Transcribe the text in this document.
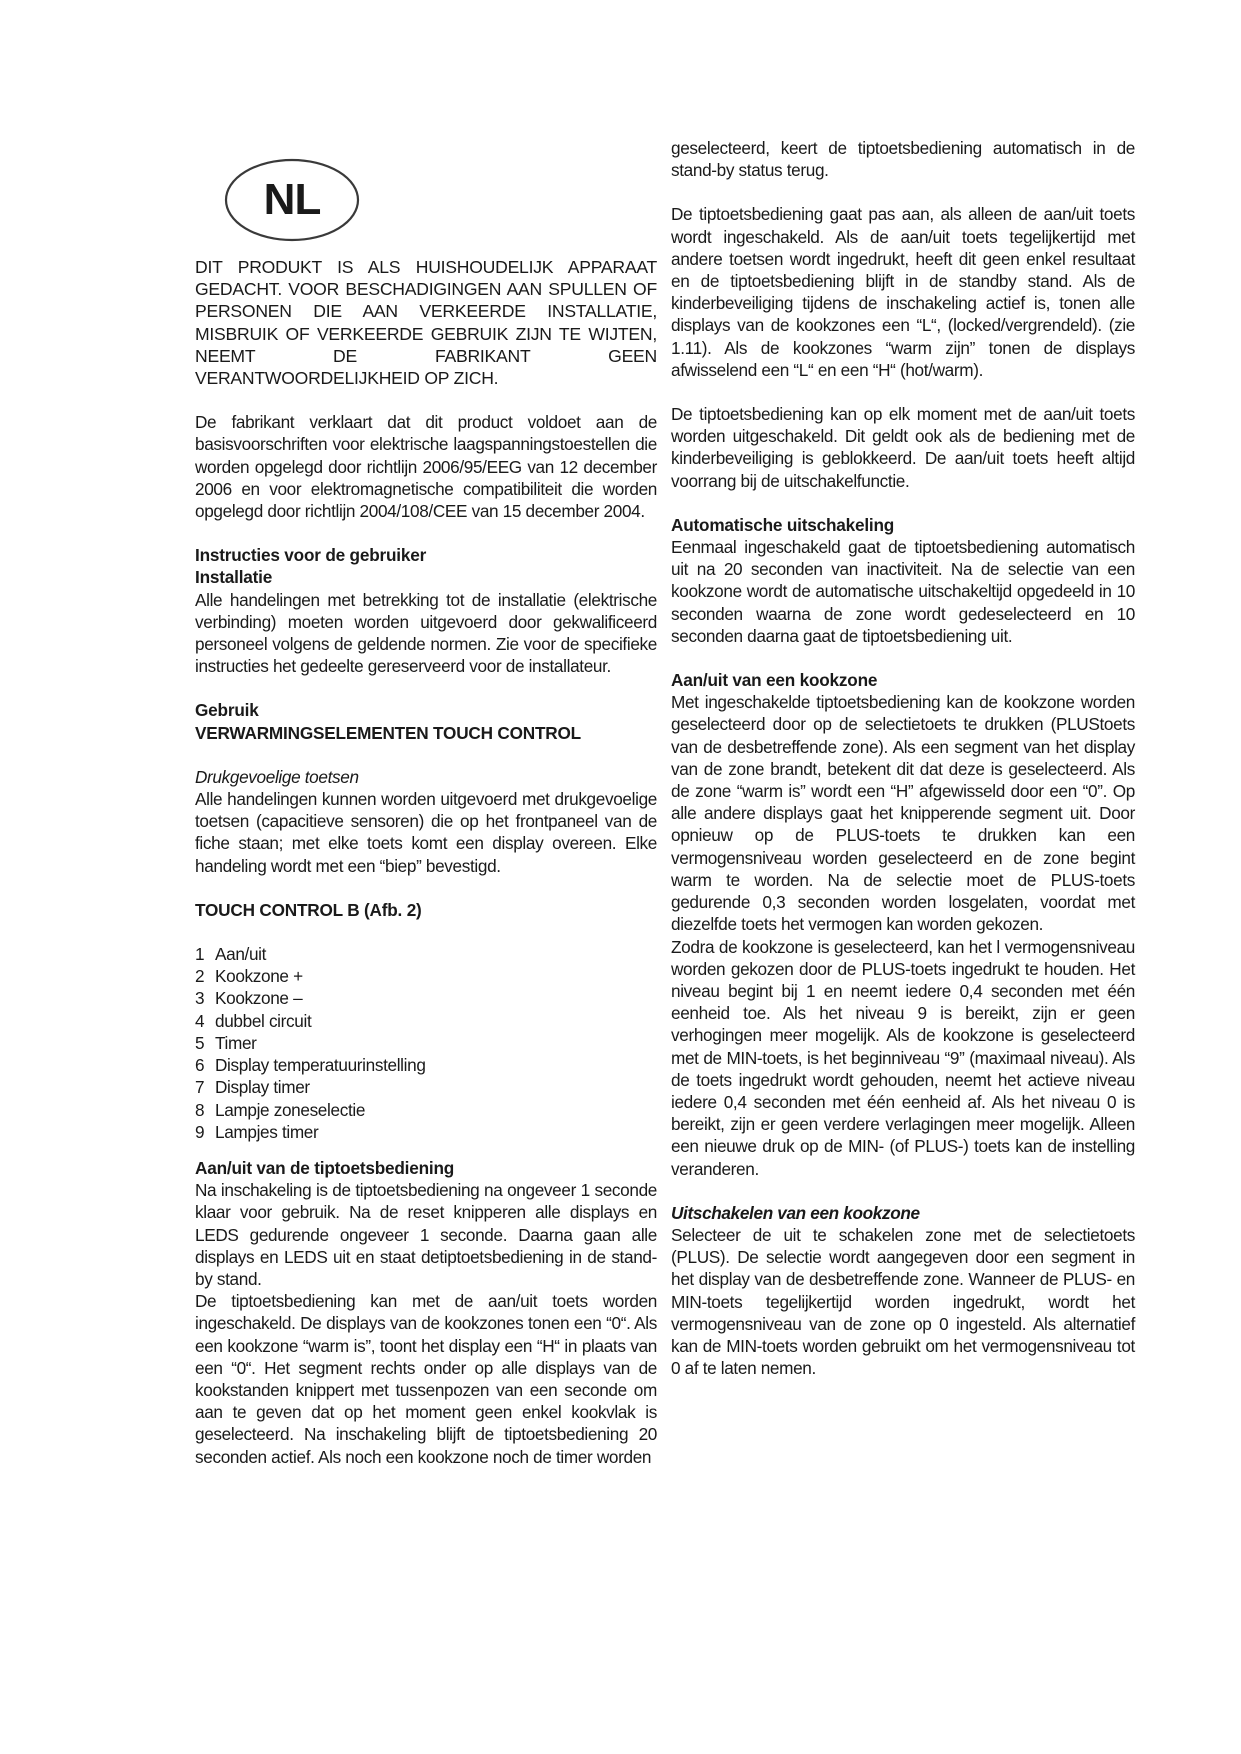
NL

DIT PRODUKT IS ALS HUISHOUDELIJK APPARAAT GEDACHT. VOOR BESCHADIGINGEN AAN SPULLEN OF PERSONEN DIE AAN VERKEERDE INSTALLATIE, MISBRUIK OF VERKEERDE GEBRUIK ZIJN TE WIJTEN, NEEMT DE FABRIKANT GEEN VERANTWOORDELIJKHEID OP ZICH.

De fabrikant verklaart dat dit product voldoet aan de basisvoorschriften voor elektrische laagspanningstoestellen die worden opgelegd door richtlijn 2006/95/EEG van 12 december 2006 en voor elektromagnetische compatibiliteit die worden opgelegd door richtlijn 2004/108/CEE van 15 december 2004.

Instructies voor de gebruiker

Installatie

Alle handelingen met betrekking tot de installatie (elektrische verbinding) moeten worden uitgevoerd door gekwalificeerd personeel volgens de geldende normen. Zie voor de specifieke instructies het gedeelte gereserveerd voor de installateur.

Gebruik

VERWARMINGSELEMENTEN TOUCH CONTROL

Drukgevoelige toetsen

Alle handelingen kunnen worden uitgevoerd met drukgevoelige toetsen (capacitieve sensoren) die op het frontpaneel van de fiche staan; met elke toets komt een display overeen. Elke handeling wordt met een “biep” bevestigd.

TOUCH CONTROL B (Afb. 2)

1 Aan/uit
2 Kookzone +
3 Kookzone –
4 dubbel circuit
5 Timer
6 Display temperatuurinstelling
7 Display timer
8 Lampje zoneselectie
9 Lampjes timer

Aan/uit van de tiptoetsbediening

Na inschakeling is de tiptoetsbediening na ongeveer 1 seconde klaar voor gebruik. Na de reset knipperen alle displays en LEDS gedurende ongeveer 1 seconde. Daarna gaan alle displays en LEDS uit en staat detiptoetsbediening in de stand-by stand.

De tiptoetsbediening kan met de aan/uit toets worden ingeschakeld. De displays van de kookzones tonen een “0“. Als een kookzone “warm is”, toont het display een “H“ in plaats van een “0“. Het segment rechts onder op alle displays van de kookstanden knippert met tussenpozen van een seconde om aan te geven dat op het moment geen enkel kookvlak is geselecteerd. Na inschakeling blijft de tiptoetsbediening 20 seconden actief. Als noch een kookzone noch de timer worden

geselecteerd, keert de tiptoetsbediening automatisch in de stand-by status terug.

De tiptoetsbediening gaat pas aan, als alleen de aan/uit toets wordt ingeschakeld. Als de aan/uit toets tegelijkertijd met andere toetsen wordt ingedrukt, heeft dit geen enkel resultaat en de tiptoetsbediening blijft in de standby stand. Als de kinderbeveiliging tijdens de inschakeling actief is, tonen alle displays van de kookzones een “L“, (locked/vergrendeld). (zie 1.11). Als de kookzones “warm zijn” tonen de displays afwisselend een “L“ en een “H“ (hot/warm).

De tiptoetsbediening kan op elk moment met de aan/uit toets worden uitgeschakeld. Dit geldt ook als de bediening met de kinderbeveiliging is geblokkeerd. De aan/uit toets heeft altijd voorrang bij de uitschakelfunctie.

Automatische uitschakeling

Eenmaal ingeschakeld gaat de tiptoetsbediening automatisch uit na 20 seconden van inactiviteit. Na de selectie van een kookzone wordt de automatische uitschakeltijd opgedeeld in 10 seconden waarna de zone wordt gedeselecteerd en 10 seconden daarna gaat de tiptoetsbediening uit.

Aan/uit van een kookzone

Met ingeschakelde tiptoetsbediening kan de kookzone worden geselecteerd door op de selectietoets te drukken (PLUStoets van de desbetreffende zone). Als een segment van het display van de zone brandt, betekent dit dat deze is geselecteerd. Als de zone “warm is” wordt een “H” afgewisseld door een “0”. Op alle andere displays gaat het knipperende segment uit. Door opnieuw op de PLUS-toets te drukken kan een vermogensniveau worden geselecteerd en de zone begint warm te worden. Na de selectie moet de PLUS-toets gedurende 0,3 seconden worden losgelaten, voordat met diezelfde toets het vermogen kan worden gekozen.

Zodra de kookzone is geselecteerd, kan het l vermogensniveau worden gekozen door de PLUS-toets ingedrukt te houden. Het niveau begint bij 1 en neemt iedere 0,4 seconden met één eenheid toe. Als het niveau 9 is bereikt, zijn er geen verhogingen meer mogelijk. Als de kookzone is geselecteerd met de MIN-toets, is het beginniveau “9” (maximaal niveau). Als de toets ingedrukt wordt gehouden, neemt het actieve niveau iedere 0,4 seconden met één eenheid af. Als het niveau 0 is bereikt, zijn er geen verdere verlagingen meer mogelijk. Alleen een nieuwe druk op de MIN- (of PLUS-) toets kan de instelling veranderen.

Uitschakelen van een kookzone

Selecteer de uit te schakelen zone met de selectietoets (PLUS). De selectie wordt aangegeven door een segment in het display van de desbetreffende zone. Wanneer de PLUS- en MIN-toets tegelijkertijd worden ingedrukt, wordt het vermogensniveau van de zone op 0 ingesteld. Als alternatief kan de MIN-toets worden gebruikt om het vermogensniveau tot 0 af te laten nemen.
